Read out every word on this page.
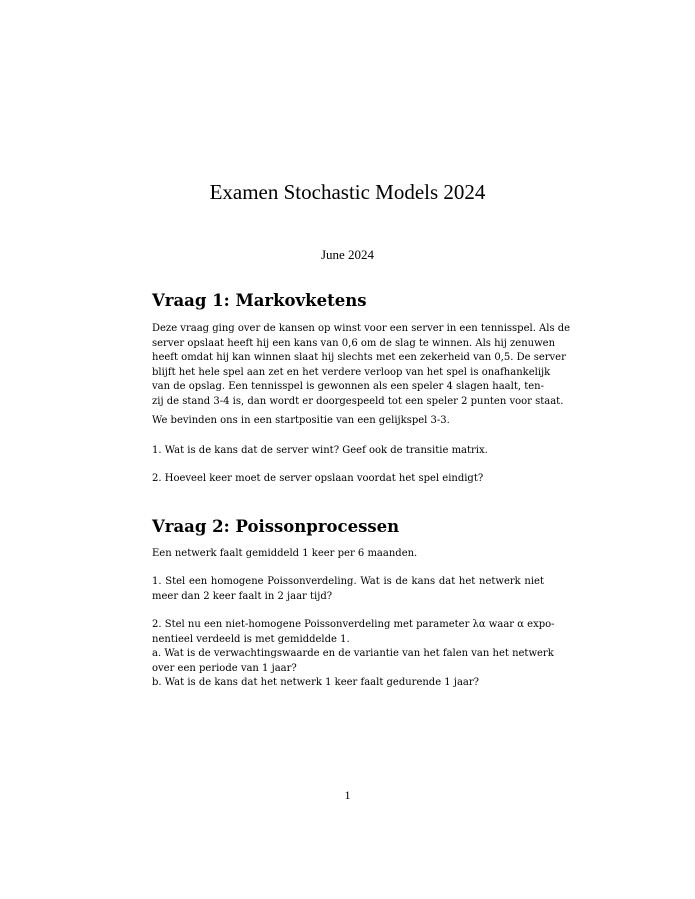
Examen Stochastic Models 2024
June 2024
Vraag 1: Markovketens
Deze vraag ging over de kansen op winst voor een server in een tennisspel. Als de
server opslaat heeft hij een kans van 0,6 om de slag te winnen. Als hij zenuwen
heeft omdat hij kan winnen slaat hij slechts met een zekerheid van 0,5. De server
blijft het hele spel aan zet en het verdere verloop van het spel is onafhankelijk
van de opslag. Een tennisspel is gewonnen als een speler 4 slagen haalt, ten-
zij de stand 3-4 is, dan wordt er doorgespeeld tot een speler 2 punten voor staat.
We bevinden ons in een startpositie van een gelijkspel 3-3.
1. Wat is de kans dat de server wint? Geef ook de transitie matrix.
2. Hoeveel keer moet de server opslaan voordat het spel eindigt?
Vraag 2: Poissonprocessen
Een netwerk faalt gemiddeld 1 keer per 6 maanden.
1. Stel een homogene Poissonverdeling. Wat is de kans dat het netwerk niet
meer dan 2 keer faalt in 2 jaar tijd?
2. Stel nu een niet-homogene Poissonverdeling met parameter λα waar α expo-
nentieel verdeeld is met gemiddelde 1.
a. Wat is de verwachtingswaarde en de variantie van het falen van het netwerk
over een periode van 1 jaar?
b. Wat is de kans dat het netwerk 1 keer faalt gedurende 1 jaar?
1
